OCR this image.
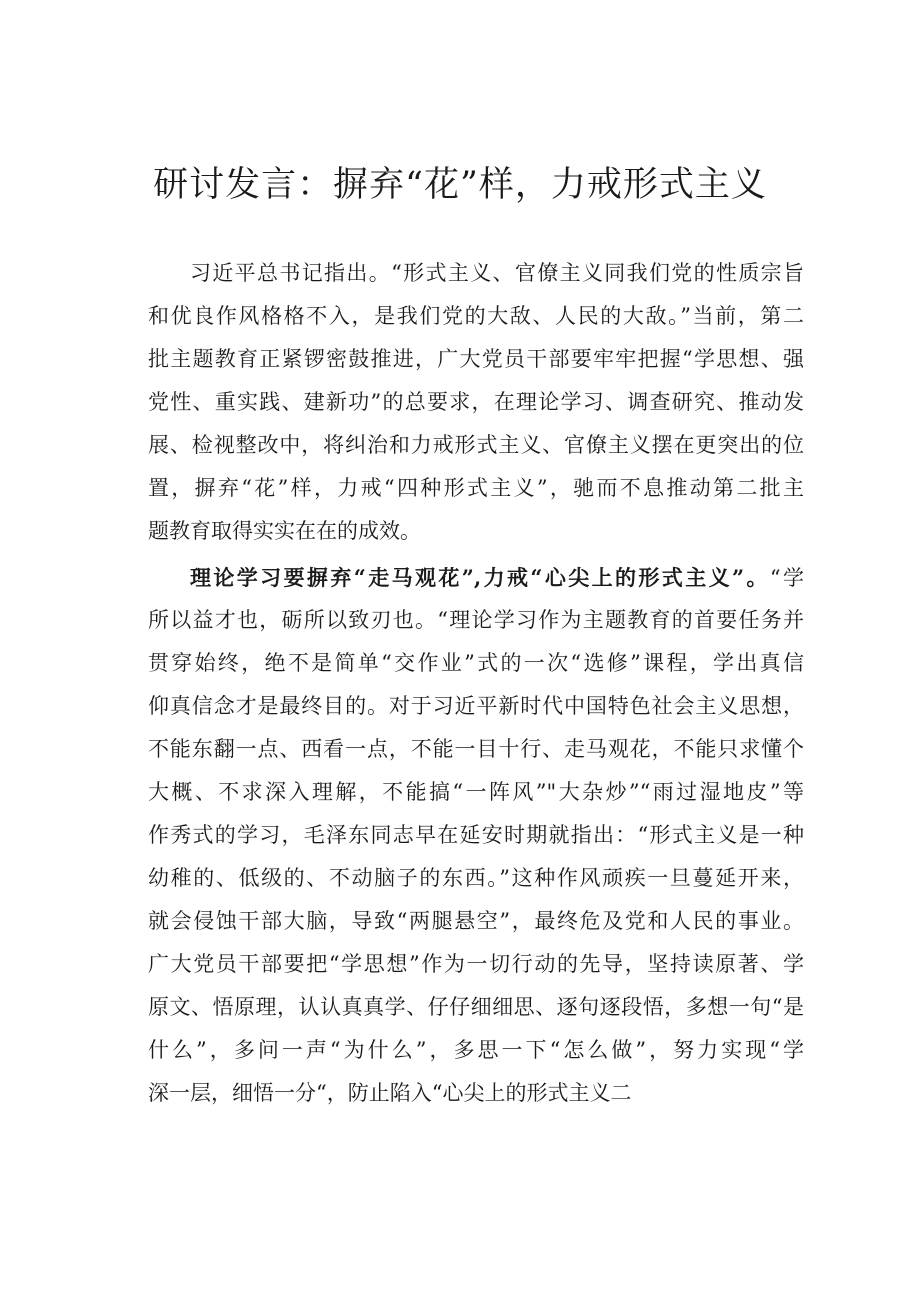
研讨发言：摒弃“花”样，力戒形式主义
习近平总书记指出。“形式主义、官僚主义同我们党的性质宗旨
和优良作风格格不入，是我们党的大敌、人民的大敌。”当前，第二
批主题教育正紧锣密鼓推进，广大党员干部要牢牢把握“学思想、强
党性、重实践、建新功”的总要求，在理论学习、调查研究、推动发
展、检视整改中，将纠治和力戒形式主义、官僚主义摆在更突出的位
置，摒弃“花”样，力戒“四种形式主义”，驰而不息推动第二批主
题教育取得实实在在的成效。
理论学习要摒弃“走马观花”,力戒“心尖上的形式主义”。“学
所以益才也，砺所以致刃也。“理论学习作为主题教育的首要任务并
贯穿始终，绝不是简单“交作业”式的一次“选修”课程，学出真信
仰真信念才是最终目的。对于习近平新时代中国特色社会主义思想，
不能东翻一点、西看一点，不能一目十行、走马观花，不能只求懂个
大概、不求深入理解，不能搞“一阵风”"大杂炒”“雨过湿地皮”等
作秀式的学习，毛泽东同志早在延安时期就指出：“形式主义是一种
幼稚的、低级的、不动脑子的东西。”这种作风顽疾一旦蔓延开来，
就会侵蚀干部大脑，导致“两腿悬空”，最终危及党和人民的事业。
广大党员干部要把“学思想”作为一切行动的先导，坚持读原著、学
原文、悟原理，认认真真学、仔仔细细思、逐句逐段悟，多想一句“是
什么”，多问一声“为什么”，多思一下“怎么做”，努力实现“学
深一层，细悟一分“，防止陷入“心尖上的形式主义二
